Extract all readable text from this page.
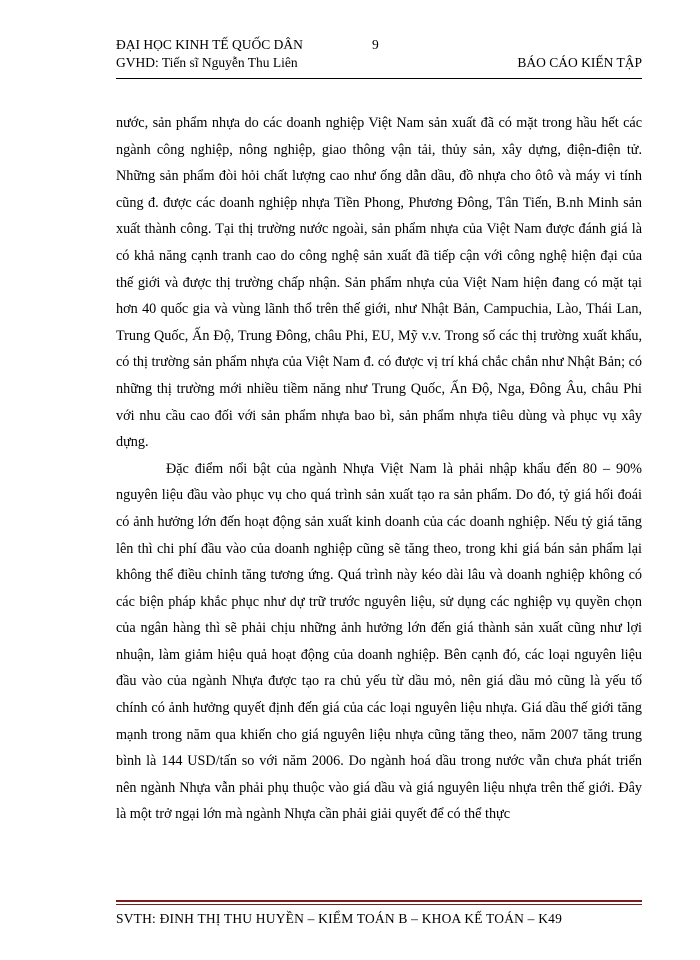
ĐẠI HỌC KINH TẾ QUỐC DÂN	9
GVHD: Tiến sĩ Nguyễn Thu Liên	BÁO CÁO KIẾN TẬP

nước, sản phẩm nhựa do các doanh nghiệp Việt Nam sản xuất đã có mặt trong hầu hết các ngành công nghiệp, nông nghiệp, giao thông vận tải, thủy sản, xây dựng, điện-điện tử. Những sản phẩm đòi hỏi chất lượng cao như ống dẫn dầu, đồ nhựa cho ôtô và máy vi tính cũng đ. được các doanh nghiệp nhựa Tiền Phong, Phương Đông, Tân Tiến, B.nh Minh sản xuất thành công. Tại thị trường nước ngoài, sản phẩm nhựa của Việt Nam được đánh giá là có khả năng cạnh tranh cao do công nghệ sản xuất đã tiếp cận với công nghệ hiện đại của thế giới và được thị trường chấp nhận. Sản phẩm nhựa của Việt Nam hiện đang có mặt tại hơn 40 quốc gia và vùng lãnh thổ trên thế giới, như Nhật Bản, Campuchia, Lào, Thái Lan, Trung Quốc, Ấn Độ, Trung Đông, châu Phi, EU, Mỹ v.v. Trong số các thị trường xuất khẩu, có thị trường sản phẩm nhựa của Việt Nam đ. có được vị trí khá chắc chắn như Nhật Bản; có những thị trường mới nhiều tiềm năng như Trung Quốc, Ấn Độ, Nga, Đông Âu, châu Phi với nhu cầu cao đối với sản phẩm nhựa bao bì, sản phẩm nhựa tiêu dùng và phục vụ xây dựng.

Đặc điểm nổi bật của ngành Nhựa Việt Nam là phải nhập khẩu đến 80 – 90% nguyên liệu đầu vào phục vụ cho quá trình sản xuất tạo ra sản phẩm. Do đó, tỷ giá hối đoái có ảnh hưởng lớn đến hoạt động sản xuất kinh doanh của các doanh nghiệp. Nếu tỷ giá tăng lên thì chi phí đầu vào của doanh nghiệp cũng sẽ tăng theo, trong khi giá bán sản phẩm lại không thể điều chỉnh tăng tương ứng. Quá trình này kéo dài lâu và doanh nghiệp không có các biện pháp khắc phục như dự trữ trước nguyên liệu, sử dụng các nghiệp vụ quyền chọn của ngân hàng thì sẽ phải chịu những ảnh hưởng lớn đến giá thành sản xuất cũng như lợi nhuận, làm giảm hiệu quả hoạt động của doanh nghiệp. Bên cạnh đó, các loại nguyên liệu đầu vào của ngành Nhựa được tạo ra chủ yếu từ dầu mỏ, nên giá dầu mỏ cũng là yếu tố chính có ảnh hưởng quyết định đến giá của các loại nguyên liệu nhựa. Giá dầu thế giới tăng mạnh trong năm qua khiến cho giá nguyên liệu nhựa cũng tăng theo, năm 2007 tăng trung bình là 144 USD/tấn so với năm 2006. Do ngành hoá dầu trong nước vẫn chưa phát triển nên ngành Nhựa vẫn phải phụ thuộc vào giá dầu và giá nguyên liệu nhựa trên thế giới. Đây là một trở ngại lớn mà ngành Nhựa cần phải giải quyết để có thể thực

SVTH: ĐINH THỊ THU HUYỀN – KIỂM TOÁN B – KHOA KẾ TOÁN – K49
